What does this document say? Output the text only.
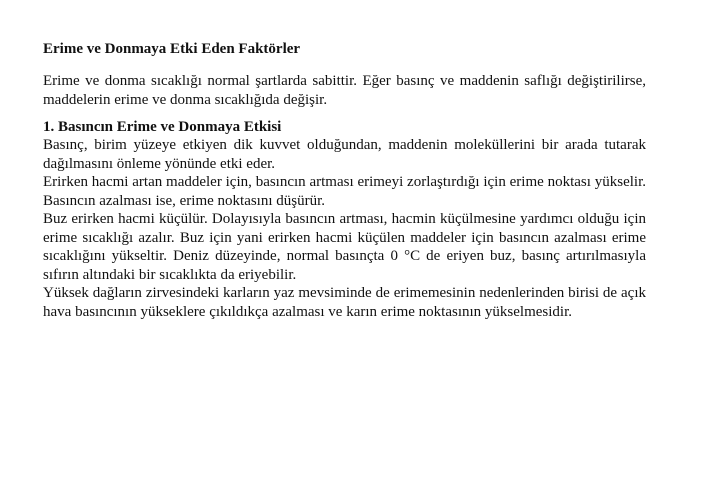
Erime ve Donmaya Etki Eden Faktörler

Erime ve donma sıcaklığı normal şartlarda sabittir. Eğer basınç ve maddenin saflığı değiştirilirse, maddelerin erime ve donma sıcaklığıda değişir.

1. Basıncın Erime ve Donmaya Etkisi

Basınç, birim yüzeye etkiyen dik kuvvet olduğundan, maddenin moleküllerini bir arada tutarak dağılmasını önleme yönünde etki eder.

Erirken hacmi artan maddeler için, basıncın artması erimeyi zorlaştırdığı için erime noktası yükselir. Basıncın azalması ise, erime noktasını düşürür.

Buz erirken hacmi küçülür. Dolayısıyla basıncın artması, hacmin küçülmesine yardımcı olduğu için erime sıcaklığı azalır. Buz için yani erirken hacmi küçülen maddeler için basıncın azalması erime sıcaklığını yükseltir. Deniz düzeyinde, normal basınçta 0 °C de eriyen buz, basınç artırılmasıyla sıfırın altındaki bir sıcaklıkta da eriyebilir.

Yüksek dağların zirvesindeki karların yaz mevsiminde de erimemesinin nedenlerinden birisi de açık hava basıncının yükseklere çıkıldıkça azalması ve karın erime noktasının yükselmesidir.
